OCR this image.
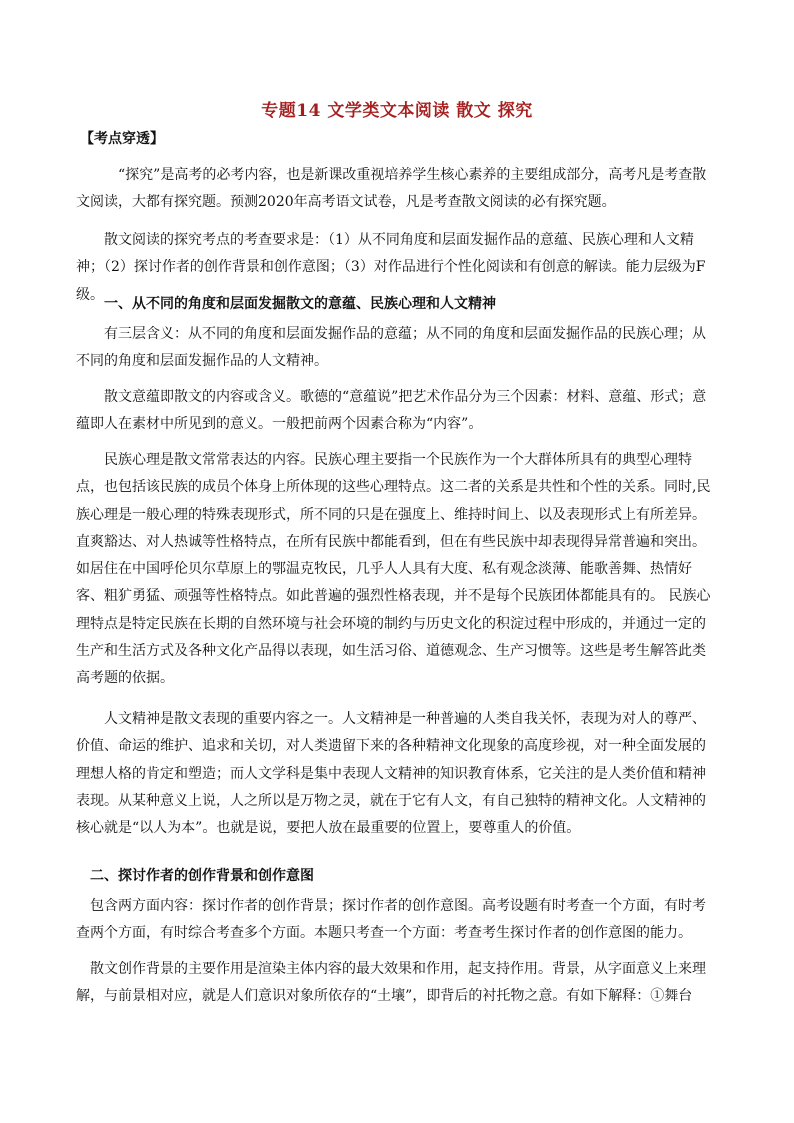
专题14 文学类文本阅读 散文 探究
【考点穿透】

“探究”是高考的必考内容，也是新课改重视培养学生核心素养的主要组成部分，高考凡是考查散文阅读，大都有探究题。预测2020年高考语文试卷，凡是考查散文阅读的必有探究题。

散文阅读的探究考点的考查要求是：（1）从不同角度和层面发掘作品的意蕴、民族心理和人文精神；（2）探讨作者的创作背景和创作意图；（3）对作品进行个性化阅读和有创意的解读。能力层级为F级。

一、从不同的角度和层面发掘散文的意蕴、民族心理和人文精神

有三层含义：从不同的角度和层面发掘作品的意蕴；从不同的角度和层面发掘作品的民族心理；从不同的角度和层面发掘作品的人文精神。

散文意蕴即散文的内容或含义。歌德的“意蕴说”把艺术作品分为三个因素：材料、意蕴、形式；意蕴即人在素材中所见到的意义。一般把前两个因素合称为“内容”。

民族心理是散文常常表达的内容。民族心理主要指一个民族作为一个大群体所具有的典型心理特点，也包括该民族的成员个体身上所体现的这些心理特点。这二者的关系是共性和个性的关系。同时,民族心理是一般心理的特殊表现形式，所不同的只是在强度上、维持时间上、以及表现形式上有所差异。直爽豁达、对人热诚等性格特点，在所有民族中都能看到，但在有些民族中却表现得异常普遍和突出。如居住在中国呼伦贝尔草原上的鄂温克牧民，几乎人人具有大度、私有观念淡薄、能歌善舞、热情好客、粗犷勇猛、顽强等性格特点。如此普遍的强烈性格表现，并不是每个民族团体都能具有的。 民族心理特点是特定民族在长期的自然环境与社会环境的制约与历史文化的积淀过程中形成的，并通过一定的生产和生活方式及各种文化产品得以表现，如生活习俗、道德观念、生产习惯等。这些是考生解答此类高考题的依据。

人文精神是散文表现的重要内容之一。人文精神是一种普遍的人类自我关怀，表现为对人的尊严、价值、命运的维护、追求和关切，对人类遗留下来的各种精神文化现象的高度珍视，对一种全面发展的理想人格的肯定和塑造；而人文学科是集中表现人文精神的知识教育体系，它关注的是人类价值和精神表现。从某种意义上说，人之所以是万物之灵，就在于它有人文，有自己独特的精神文化。人文精神的核心就是“以人为本”。也就是说，要把人放在最重要的位置上，要尊重人的价值。

二、探讨作者的创作背景和创作意图

包含两方面内容：探讨作者的创作背景；探讨作者的创作意图。高考设题有时考查一个方面，有时考查两个方面，有时综合考查多个方面。本题只考查一个方面：考查考生探讨作者的创作意图的能力。

散文创作背景的主要作用是渲染主体内容的最大效果和作用，起支持作用。背景，从字面意义上来理解，与前景相对应，就是人们意识对象所依存的“土壤”，即背后的衬托物之意。有如下解释：①舞台
